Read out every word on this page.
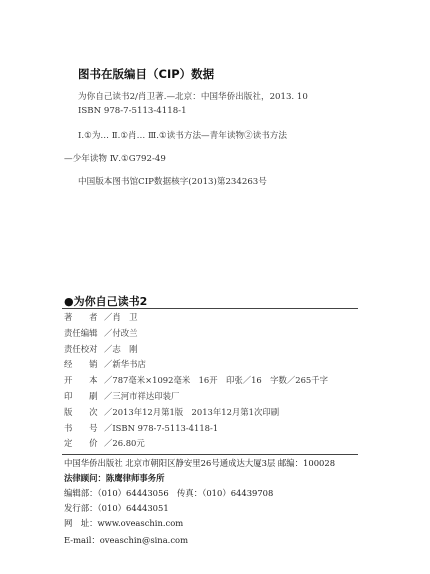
图书在版编目（CIP）数据
为你自己读书2/肖卫著.—北京：中国华侨出版社，2013. 10
ISBN 978-7-5113-4118-1
Ⅰ.①为… Ⅱ.①肖… Ⅲ.①读书方法—青年读物②读书方法
—少年读物 Ⅳ.①G792-49
中国版本图书馆CIP数据核字(2013)第234263号
●为你自己读书2
著　　者 ／肖　卫
责任编辑 ／付改兰
责任校对 ／志　刚
经　　销 ／新华书店
开　　本 ／787毫米×1092毫米　16开　印张／16　字数／265千字
印　　刷 ／三河市祥达印装厂
版　　次 ／2013年12月第1版　2013年12月第1次印刷
书　　号 ／ISBN 978-7-5113-4118-1
定　　价 ／26.80元
中国华侨出版社 北京市朝阳区静安里26号通成达大厦3层 邮编：100028
法律顾问：陈鹰律师事务所
编辑部：（010）64443056　传真：（010）64439708
发行部：（010）64443051
网　址：www.oveaschin.com
E-mail：oveaschin@sina.com
